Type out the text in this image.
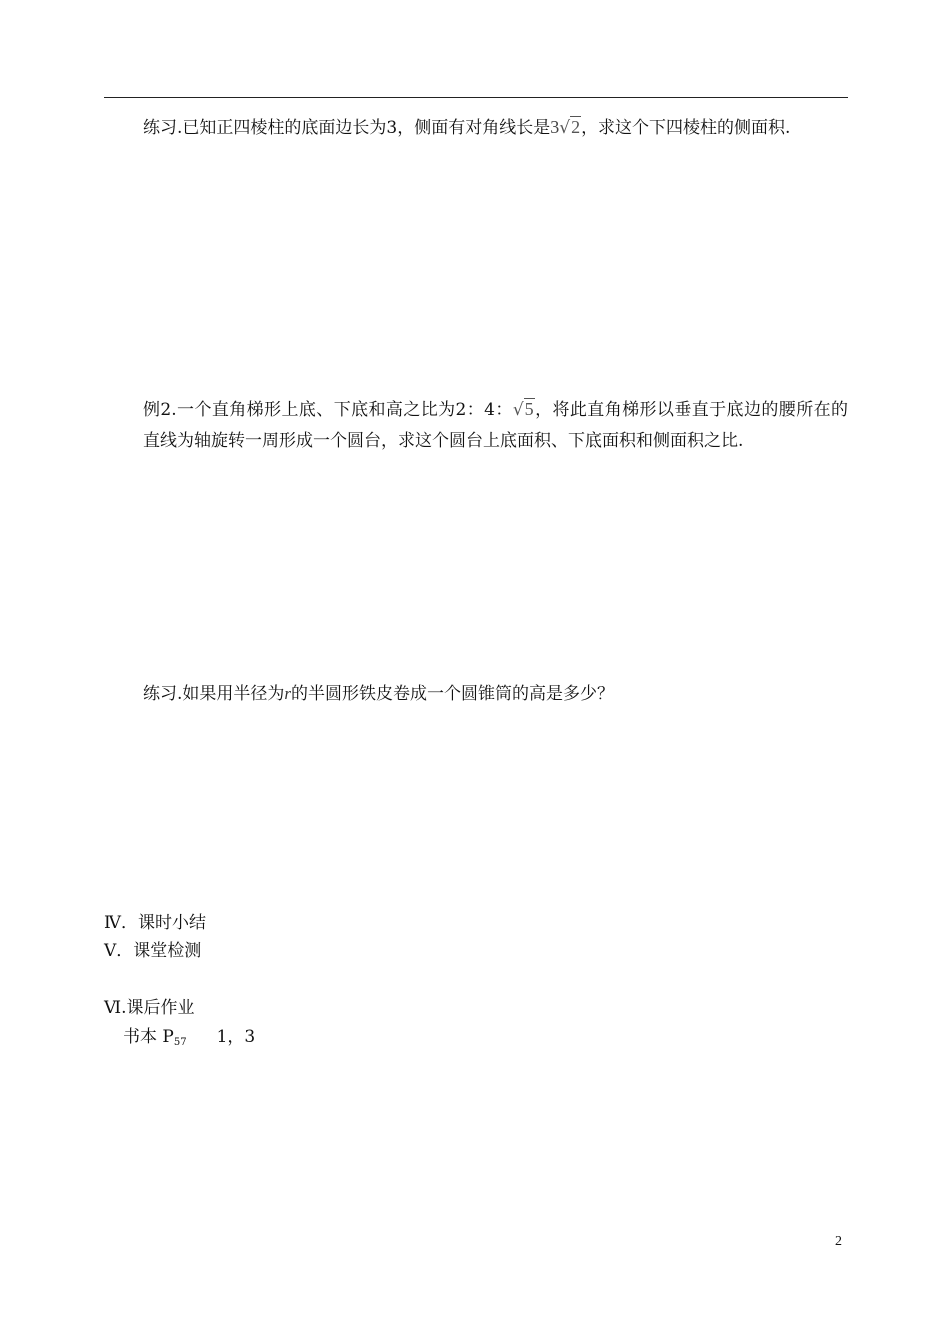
练习.已知正四棱柱的底面边长为3，侧面有对角线长是3√2，求这个下四棱柱的侧面积.

例2.一个直角梯形上底、下底和高之比为2：4：√5，将此直角梯形以垂直于底边的腰所在的直线为轴旋转一周形成一个圆台，求这个圆台上底面积、下底面积和侧面积之比.

练习.如果用半径为r的半圆形铁皮卷成一个圆锥筒的高是多少？

Ⅳ．课时小结

Ⅴ．课堂检测

Ⅵ.课后作业

书本 $P_{57}$ 1，3

2
